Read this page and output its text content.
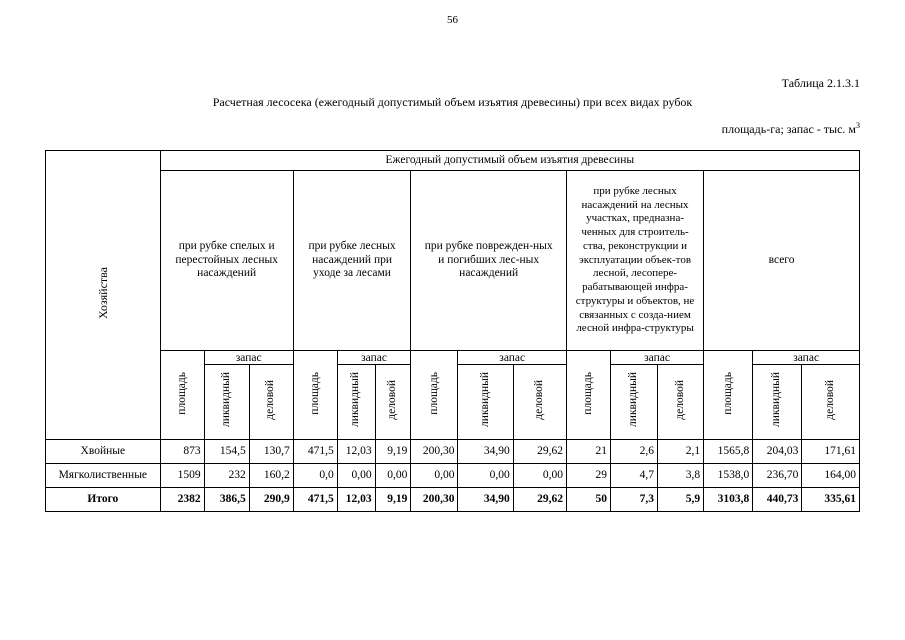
56
Таблица 2.1.3.1
Расчетная лесосека (ежегодный допустимый объем изъятия древесины) при всех видах рубок
площадь-га; запас - тыс. $м^3$
Хозяйства	Ежегодный допустимый объем изъятия древесины														

	при рубке спелых и перестойных лесных насаждений			при рубке лесных насаждений при уходе за лесами			при рубке поврежден-ных и погибших лес-ных насаждений			при рубке лесных насаждений на лесных участках, предназна-ченных для строитель-ства, реконструкции и эксплуатации объек-тов лесной, лесопере-рабатывающей инфра-структуры и объектов, не связанных с созда-нием лесной инфра-структуры			всего		
	площадь	запас		площадь	запас		площадь	запас		площадь	запас		площадь	запас	
		ликвидный	деловой		ликвидный	деловой		ликвидный	деловой		ликвидный	деловой		ликвидный	деловой
Хвойные	873	154,5	130,7	471,5	12,03	9,19	200,30	34,90	29,62	21	2,6	2,1	1565,8	204,03	171,61
Мягколиственные	1509	232	160,2	0,0	0,00	0,00	0,00	0,00	0,00	29	4,7	3,8	1538,0	236,70	164,00
Итого	2382	386,5	290,9	471,5	12,03	9,19	200,30	34,90	29,62	50	7,3	5,9	3103,8	440,73	335,61
